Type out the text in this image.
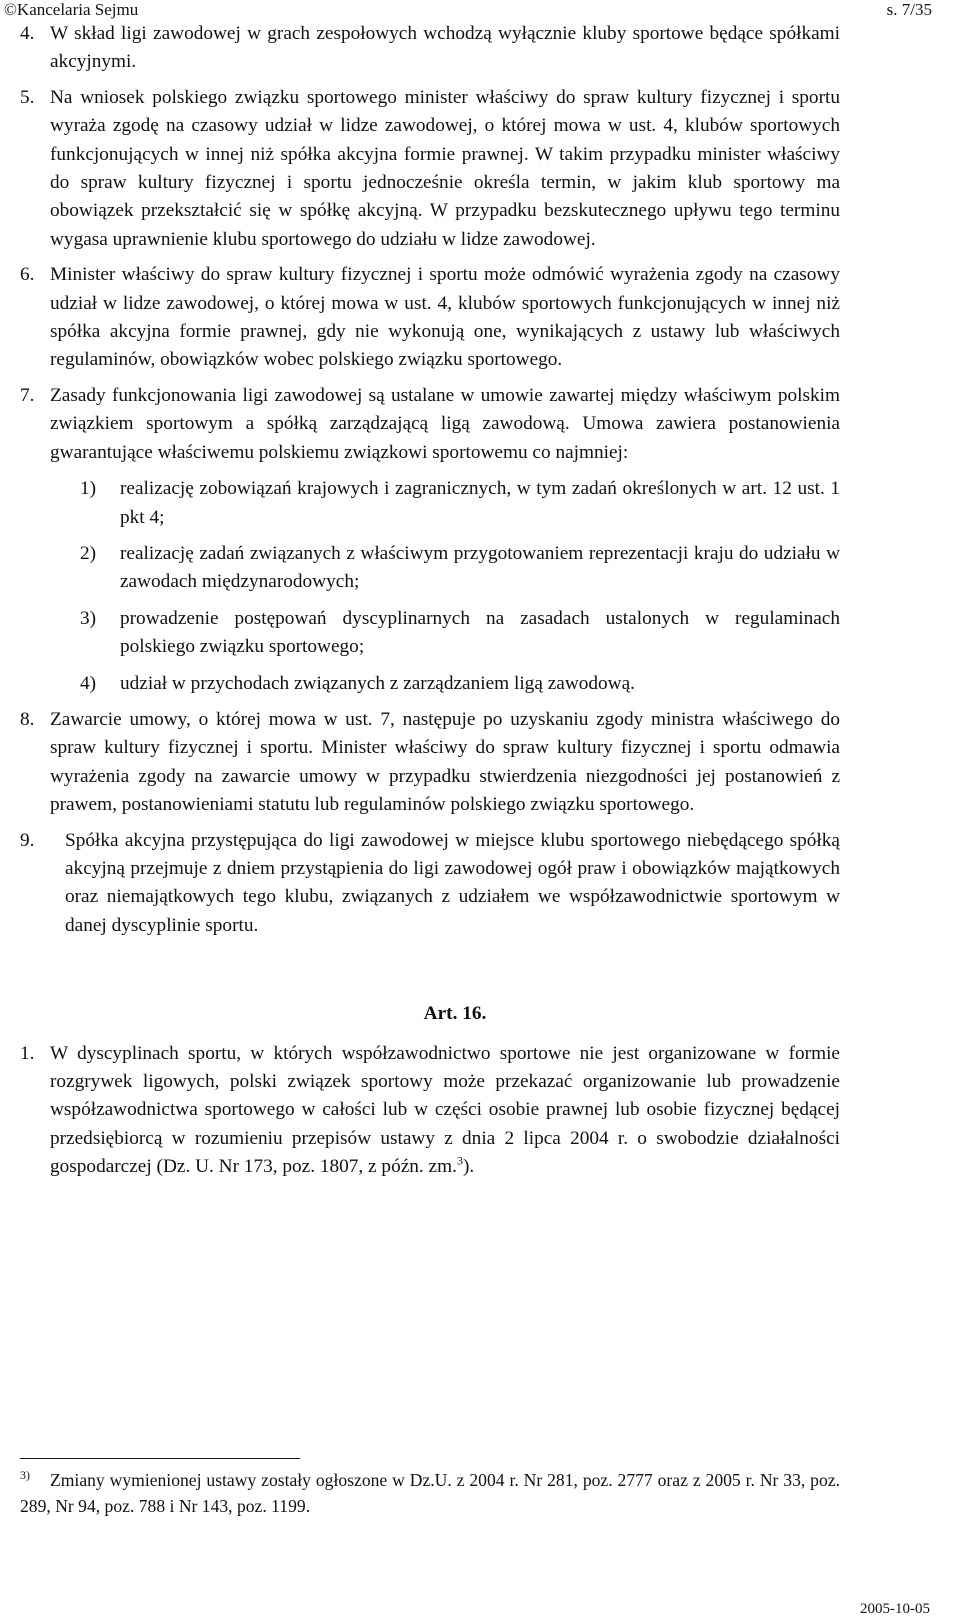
©Kancelaria Sejmu	s. 7/35

4. W skład ligi zawodowej w grach zespołowych wchodzą wyłącznie kluby sportowe będące spółkami akcyjnymi.

5. Na wniosek polskiego związku sportowego minister właściwy do spraw kultury fizycznej i sportu wyraża zgodę na czasowy udział w lidze zawodowej, o której mowa w ust. 4, klubów sportowych funkcjonujących w innej niż spółka akcyjna formie prawnej. W takim przypadku minister właściwy do spraw kultury fizycznej i sportu jednocześnie określa termin, w jakim klub sportowy ma obowiązek przekształcić się w spółkę akcyjną. W przypadku bezskutecznego upływu tego terminu wygasa uprawnienie klubu sportowego do udziału w lidze zawodowej.

6. Minister właściwy do spraw kultury fizycznej i sportu może odmówić wyrażenia zgody na czasowy udział w lidze zawodowej, o której mowa w ust. 4, klubów sportowych funkcjonujących w innej niż spółka akcyjna formie prawnej, gdy nie wykonują one, wynikających z ustawy lub właściwych regulaminów, obowiązków wobec polskiego związku sportowego.

7. Zasady funkcjonowania ligi zawodowej są ustalane w umowie zawartej między właściwym polskim związkiem sportowym a spółką zarządzającą ligą zawodową. Umowa zawiera postanowienia gwarantujące właściwemu polskiemu związkowi sportowemu co najmniej:

1) realizację zobowiązań krajowych i zagranicznych, w tym zadań określonych w art. 12 ust. 1 pkt 4;
2) realizację zadań związanych z właściwym przygotowaniem reprezentacji kraju do udziału w zawodach międzynarodowych;
3) prowadzenie postępowań dyscyplinarnych na zasadach ustalonych w regulaminach polskiego związku sportowego;
4) udział w przychodach związanych z zarządzaniem ligą zawodową.

8. Zawarcie umowy, o której mowa w ust. 7, następuje po uzyskaniu zgody ministra właściwego do spraw kultury fizycznej i sportu. Minister właściwy do spraw kultury fizycznej i sportu odmawia wyrażenia zgody na zawarcie umowy w przypadku stwierdzenia niezgodności jej postanowień z prawem, postanowieniami statutu lub regulaminów polskiego związku sportowego.

9. Spółka akcyjna przystępująca do ligi zawodowej w miejsce klubu sportowego niebędącego spółką akcyjną przejmuje z dniem przystąpienia do ligi zawodowej ogół praw i obowiązków majątkowych oraz niemajątkowych tego klubu, związanych z udziałem we współzawodnictwie sportowym w danej dyscyplinie sportu.

Art. 16.

1. W dyscyplinach sportu, w których współzawodnictwo sportowe nie jest organizowane w formie rozgrywek ligowych, polski związek sportowy może przekazać organizowanie lub prowadzenie współzawodnictwa sportowego w całości lub w części osobie prawnej lub osobie fizycznej będącej przedsiębiorcą w rozumieniu przepisów ustawy z dnia 2 lipca 2004 r. o swobodzie działalności gospodarczej (Dz. U. Nr 173, poz. 1807, z późn. zm.$^3$).

3) Zmiany wymienionej ustawy zostały ogłoszone w Dz.U. z 2004 r. Nr 281, poz. 2777 oraz z 2005 r. Nr 33, poz. 289, Nr 94, poz. 788 i Nr 143, poz. 1199.
2005-10-05
